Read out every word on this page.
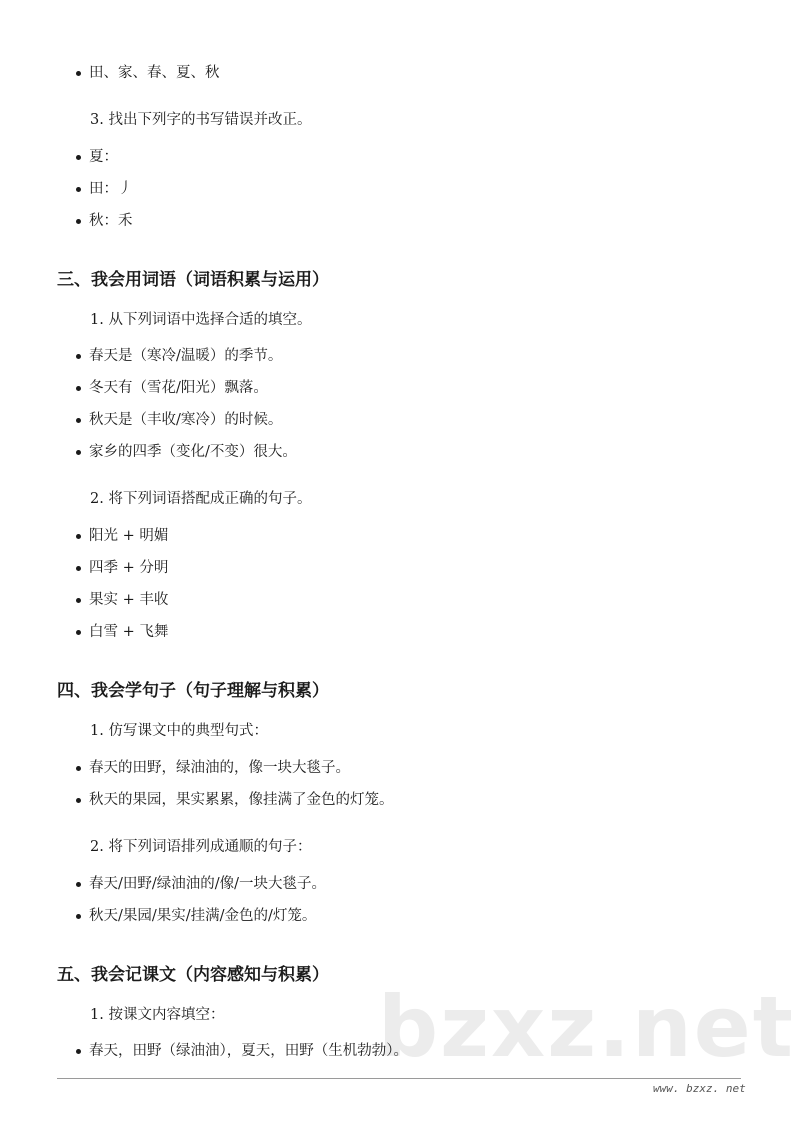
bzxz.net
田、家、春、夏、秋
3. 找出下列字的书写错误并改正。
夏：
田：丿
秋：禾
三、我会用词语（词语积累与运用）
1. 从下列词语中选择合适的填空。
春天是（寒冷/温暖）的季节。
冬天有（雪花/阳光）飘落。
秋天是（丰收/寒冷）的时候。
家乡的四季（变化/不变）很大。
2. 将下列词语搭配成正确的句子。
阳光 + 明媚
四季 + 分明
果实 + 丰收
白雪 + 飞舞
四、我会学句子（句子理解与积累）
1. 仿写课文中的典型句式：
春天的田野，绿油油的，像一块大毯子。
秋天的果园，果实累累，像挂满了金色的灯笼。
2. 将下列词语排列成通顺的句子：
春天/田野/绿油油的/像/一块大毯子。
秋天/果园/果实/挂满/金色的/灯笼。
五、我会记课文（内容感知与积累）
1. 按课文内容填空：
春天，田野（绿油油），夏天，田野（生机勃勃）。
www. bzxz. net
